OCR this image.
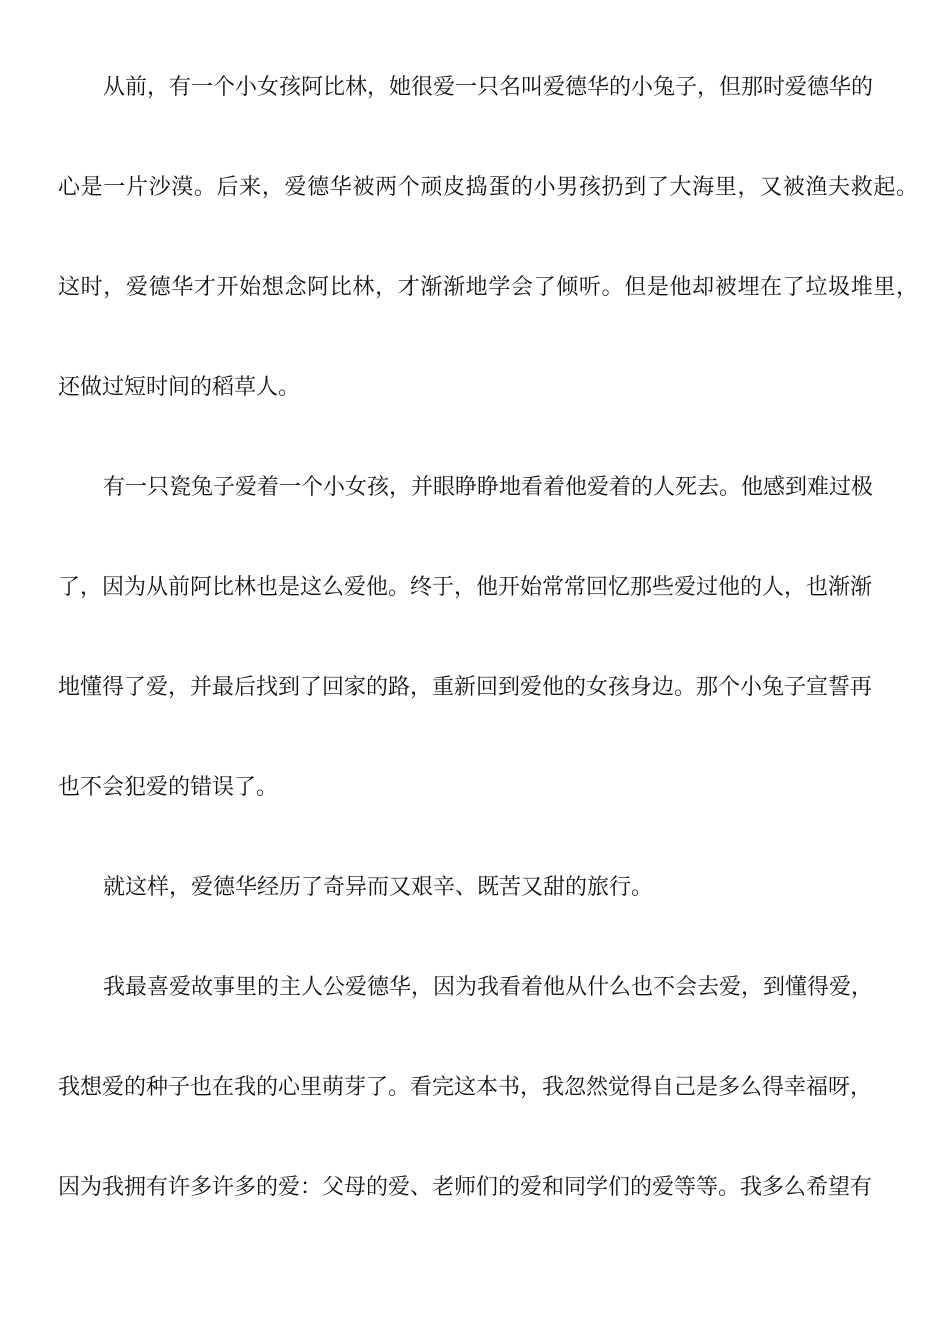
从前，有一个小女孩阿比林，她很爱一只名叫爱德华的小兔子，但那时爱德华的
心是一片沙漠。后来，爱德华被两个顽皮捣蛋的小男孩扔到了大海里，又被渔夫救起。
这时，爱德华才开始想念阿比林，才渐渐地学会了倾听。但是他却被埋在了垃圾堆里，
还做过短时间的稻草人。
有一只瓷兔子爱着一个小女孩，并眼睁睁地看着他爱着的人死去。他感到难过极
了，因为从前阿比林也是这么爱他。终于，他开始常常回忆那些爱过他的人，也渐渐
地懂得了爱，并最后找到了回家的路，重新回到爱他的女孩身边。那个小兔子宣誓再
也不会犯爱的错误了。
就这样，爱德华经历了奇异而又艰辛、既苦又甜的旅行。
我最喜爱故事里的主人公爱德华，因为我看着他从什么也不会去爱，到懂得爱，
我想爱的种子也在我的心里萌芽了。看完这本书，我忽然觉得自己是多么得幸福呀，
因为我拥有许多许多的爱：父母的爱、老师们的爱和同学们的爱等等。我多么希望有
